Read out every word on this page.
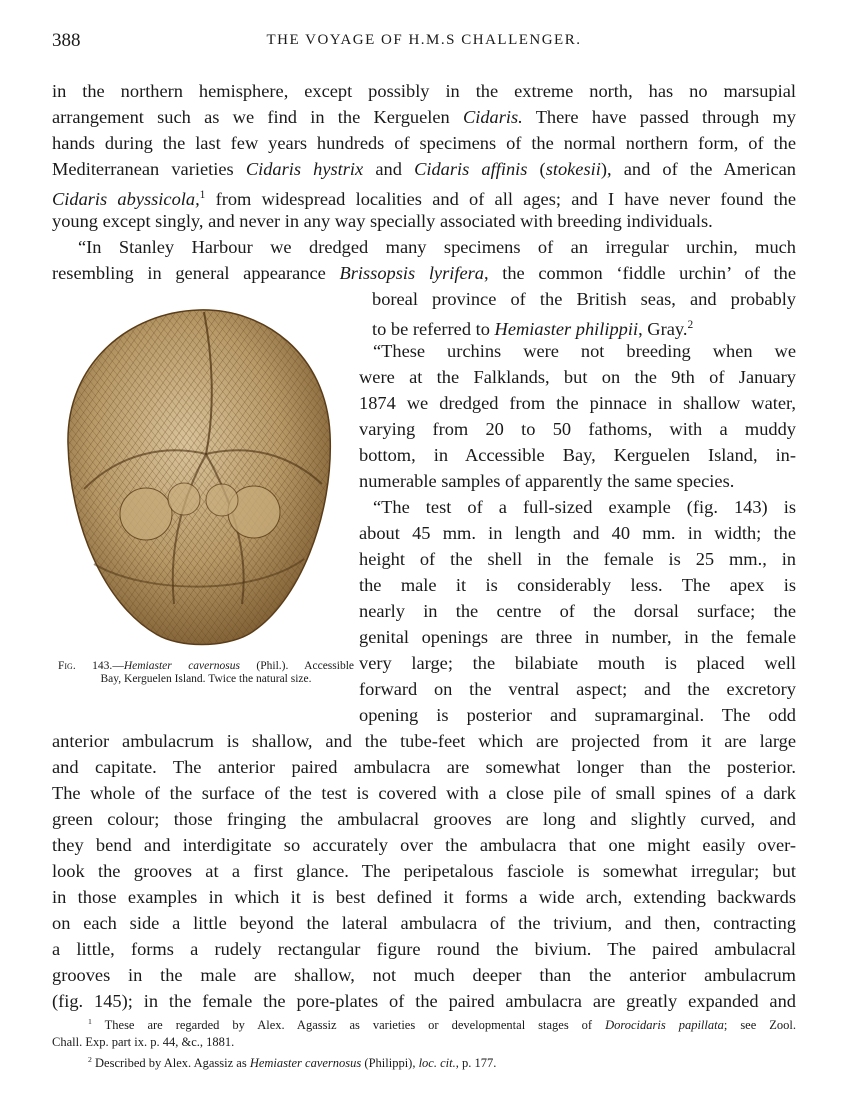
388	THE VOYAGE OF H.M.S CHALLENGER.

in the northern hemisphere, except possibly in the extreme north, has no marsupial

arrangement such as we find in the Kerguelen Cidaris. There have passed through my

hands during the last few years hundreds of specimens of the normal northern form, of the

Mediterranean varieties Cidaris hystrix and Cidaris affinis (stokesii), and of the American

Cidaris abyssicola,$^1$ from widespread localities and of all ages; and I have never found the

young except singly, and never in any way specially associated with breeding individuals.

“In Stanley Harbour we dredged many specimens of an irregular urchin, much

resembling in general appearance Brissopsis lyrifera, the common ‘fiddle urchin’ of the

boreal province of the British seas, and probably

to be referred to Hemiaster philippii, Gray.$^2$

“These urchins were not breeding when we

were at the Falklands, but on the 9th of January

1874 we dredged from the pinnace in shallow water,

varying from 20 to 50 fathoms, with a muddy

bottom, in Accessible Bay, Kerguelen Island, in-

numerable samples of apparently the same species.

“The test of a full-sized example (fig. 143) is

about 45 mm. in length and 40 mm. in width; the

height of the shell in the female is 25 mm., in

the male it is considerably less. The apex is

nearly in the centre of the dorsal surface; the

genital openings are three in number, in the female

very large; the bilabiate mouth is placed well

forward on the ventral aspect; and the excretory

opening is posterior and supramarginal. The odd

anterior ambulacrum is shallow, and the tube-feet which are projected from it are large

and capitate. The anterior paired ambulacra are somewhat longer than the posterior.

The whole of the surface of the test is covered with a close pile of small spines of a dark

green colour; those fringing the ambulacral grooves are long and slightly curved, and

they bend and interdigitate so accurately over the ambulacra that one might easily over-

look the grooves at a first glance. The peripetalous fasciole is somewhat irregular; but

in those examples in which it is best defined it forms a wide arch, extending backwards

on each side a little beyond the lateral ambulacra of the trivium, and then, contracting

a little, forms a rudely rectangular figure round the bivium. The paired ambulacral

grooves in the male are shallow, not much deeper than the anterior ambulacrum

(fig. 145); in the female the pore-plates of the paired ambulacra are greatly expanded and

Fig. 143.—Hemiaster cavernosus (Phil.). Accessible
Bay, Kerguelen Island. Twice the natural size.

$^1$ These are regarded by Alex. Agassiz as varieties or developmental stages of Dorocidaris papillata; see Zool.

Chall. Exp. part ix. p. 44, &c., 1881.

$^2$ Described by Alex. Agassiz as Hemiaster cavernosus (Philippi), loc. cit., p. 177.
